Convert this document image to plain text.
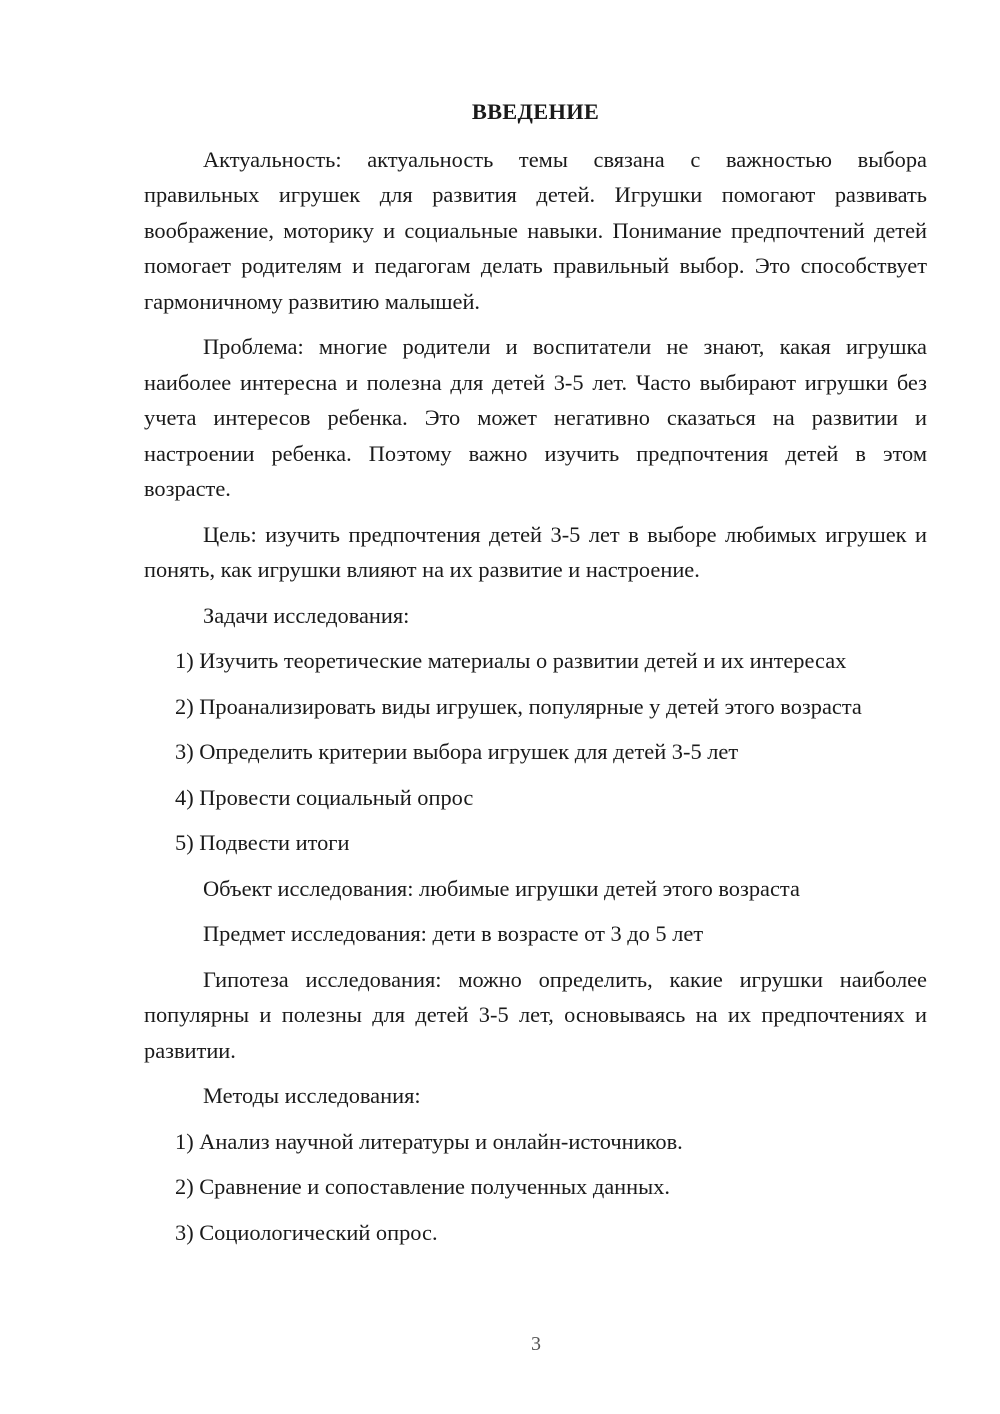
ВВЕДЕНИЕ

Актуальность: актуальность темы связана с важностью выбора правильных игрушек для развития детей. Игрушки помогают развивать воображение, моторику и социальные навыки. Понимание предпочтений детей помогает родителям и педагогам делать правильный выбор. Это способствует гармоничному развитию малышей.

Проблема: многие родители и воспитатели не знают, какая игрушка наиболее интересна и полезна для детей 3-5 лет. Часто выбирают игрушки без учета интересов ребенка. Это может негативно сказаться на развитии и настроении ребенка. Поэтому важно изучить предпочтения детей в этом возрасте.

Цель: изучить предпочтения детей 3-5 лет в выборе любимых игрушек и понять, как игрушки влияют на их развитие и настроение.

Задачи исследования:

1) Изучить теоретические материалы о развитии детей и их интересах

2) Проанализировать виды игрушек, популярные у детей этого возраста

3) Определить критерии выбора игрушек для детей 3-5 лет

4) Провести социальный опрос

5) Подвести итоги

Объект исследования: любимые игрушки детей этого возраста

Предмет исследования: дети в возрасте от 3 до 5 лет

Гипотеза исследования: можно определить, какие игрушки наиболее популярны и полезны для детей 3-5 лет, основываясь на их предпочтениях и развитии.

Методы исследования:

1) Анализ научной литературы и онлайн-источников.

2) Сравнение и сопоставление полученных данных.

3) Социологический опрос.

3
